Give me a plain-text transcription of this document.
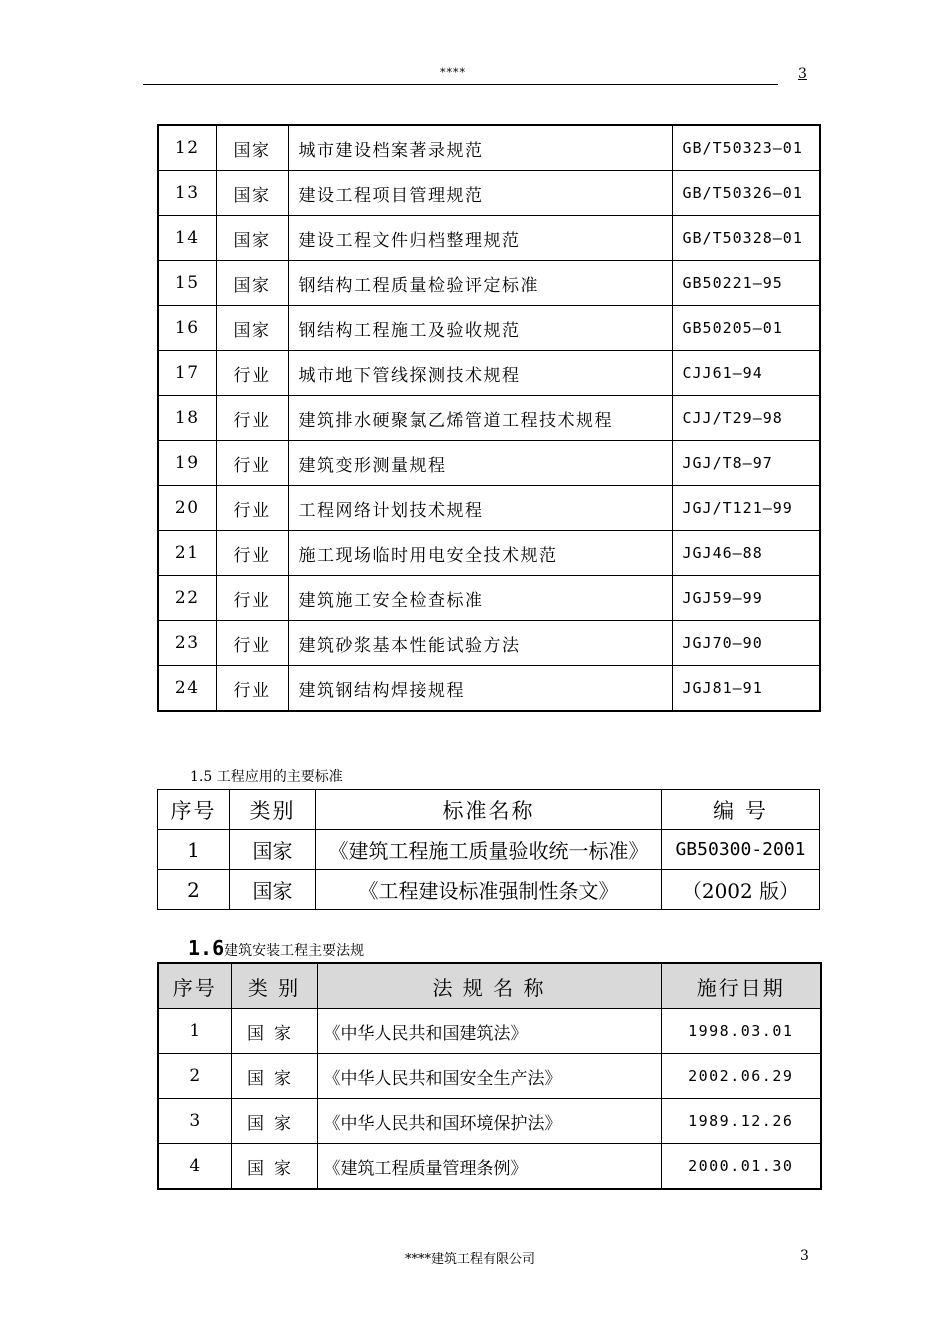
****	3
12	国家	城市建设档案著录规范	GB/T50323—01
13	国家	建设工程项目管理规范	GB/T50326—01
14	国家	建设工程文件归档整理规范	GB/T50328—01
15	国家	钢结构工程质量检验评定标准	GB50221—95
16	国家	钢结构工程施工及验收规范	GB50205—01
17	行业	城市地下管线探测技术规程	CJJ61—94
18	行业	建筑排水硬聚氯乙烯管道工程技术规程	CJJ/T29—98
19	行业	建筑变形测量规程	JGJ/T8—97
20	行业	工程网络计划技术规程	JGJ/T121—99
21	行业	施工现场临时用电安全技术规范	JGJ46—88
22	行业	建筑施工安全检查标准	JGJ59—99
23	行业	建筑砂浆基本性能试验方法	JGJ70—90
24	行业	建筑钢结构焊接规程	JGJ81—91
1.5 工程应用的主要标准
序号	类别	标准名称	编 号
1	国家	《建筑工程施工质量验收统一标准》	GB50300-2001
2	国家	《工程建设标准强制性条文》	（2002 版）
1.6建筑安装工程主要法规
序号	类 别	法 规 名 称	施行日期
1	国家	《中华人民共和国建筑法》	1998.03.01
2	国家	《中华人民共和国安全生产法》	2002.06.29
3	国家	《中华人民共和国环境保护法》	1989.12.26
4	国家	《建筑工程质量管理条例》	2000.01.30
****建筑工程有限公司	3
